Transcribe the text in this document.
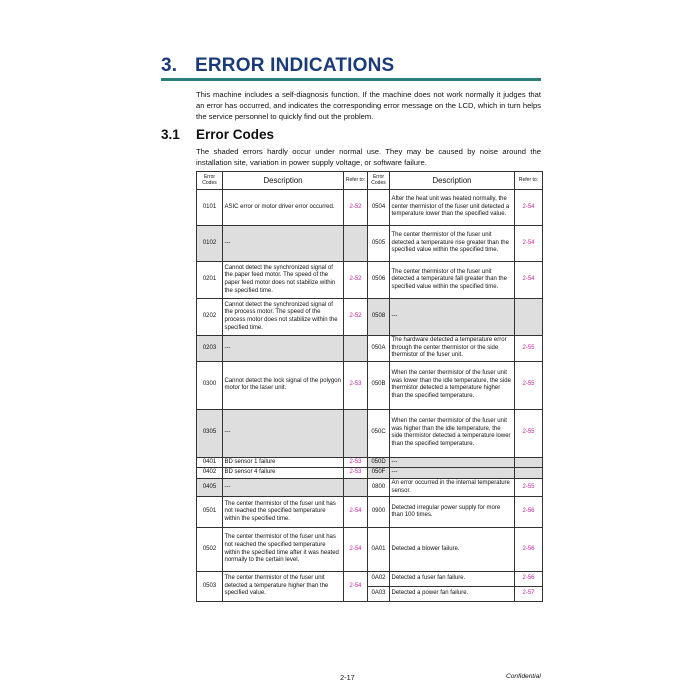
3. ERROR INDICATIONS
This machine includes a self-diagnosis function. If the machine does not work normally it judges that an error has occurred, and indicates the corresponding error message on the LCD, which in turn helps the service personnel to quickly find out the problem.
3.1 Error Codes
The shaded errors hardly occur under normal use. They may be caused by noise around the installation site, variation in power supply voltage, or software failure.
Error Codes	Description	Refer to:	Error Codes	Description	Refer to:
0101	ASIC error or motor driver error occurred.	2-52	0504	After the heat unit was heated normally, the center thermistor of the fuser unit detected a temperature lower than the specified value.	2-54
0102	---		0505	The center thermistor of the fuser unit detected a temperature rise greater than the specified value within the specified time.	2-54
0201	Cannot detect the synchronized signal of the paper feed motor. The speed of the paper feed motor does not stabilize within the specified time.	2-52	0506	The center thermistor of the fuser unit detected a temperature fall greater than the specified value within the specified time.	2-54
0202	Cannot detect the synchronized signal of the process motor. The speed of the process motor does not stabilize within the specified time.	2-52	0508	---	
0203	---		050A	The hardware detected a temperature error through the center thermistor or the side thermistor of the fuser unit.	2-55
0300	Cannot detect the lock signal of the polygon motor for the laser unit.	2-53	050B	When the center thermistor of the fuser unit was lower than the idle temperature, the side thermistor detected a temperature higher than the specified temperature.	2-55
0305	---		050C	When the center thermistor of the fuser unit was higher than the idle temperature, the side thermistor detected a temperature lower than the specified temperature.	2-55
0401	BD sensor 1 failure	2-53	050D	---	
0402	BD sensor 4 failure	2-53	050F	---	
0405	---		0800	An error occurred in the internal temperature sensor.	2-55
0501	The center thermistor of the fuser unit has not reached the specified temperature within the specified time.	2-54	0900	Detected irregular power supply for more than 100 times.	2-56
0502	The center thermistor of the fuser unit has not reached the specified temperature within the specified time after it was heated normally to the certain level.	2-54	0A01	Detected a blower failure.	2-56
0503	The center thermistor of the fuser unit detected a temperature higher than the specified value.	2-54	0A02	Detected a fuser fan failure.	2-56
			0A03	Detected a power fan failure.	2-57
2-17	Confidential
